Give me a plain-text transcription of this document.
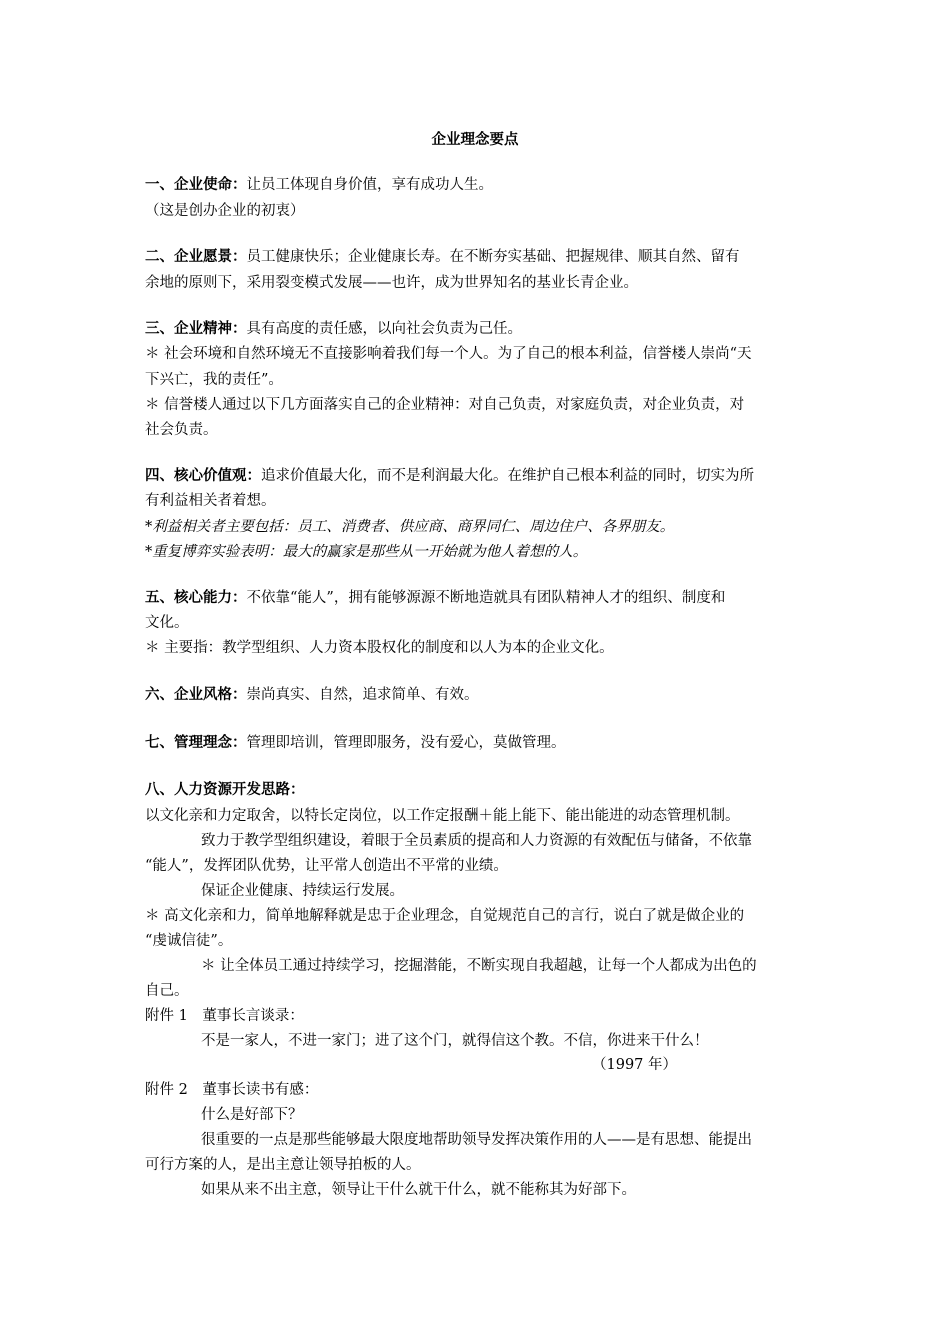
企业理念要点
一、企业使命：让员工体现自身价值，享有成功人生。
（这是创办企业的初衷）
二、企业愿景：员工健康快乐；企业健康长寿。在不断夯实基础、把握规律、顺其自然、留有
余地的原则下，采用裂变模式发展——也许，成为世界知名的基业长青企业。
三、企业精神：具有高度的责任感，以向社会负责为己任。
＊ 社会环境和自然环境无不直接影响着我们每一个人。为了自己的根本利益，信誉楼人崇尚“天
下兴亡，我的责任”。
＊ 信誉楼人通过以下几方面落实自己的企业精神：对自己负责，对家庭负责，对企业负责，对
社会负责。
四、核心价值观：追求价值最大化，而不是利润最大化。在维护自己根本利益的同时，切实为所
有利益相关者着想。
*利益相关者主要包括：员工、消费者、供应商、商界同仁、周边住户、各界朋友。
*重复博弈实验表明：最大的赢家是那些从一开始就为他人着想的人。
五、核心能力：不依靠“能人”，拥有能够源源不断地造就具有团队精神人才的组织、制度和
文化。
＊ 主要指：教学型组织、人力资本股权化的制度和以人为本的企业文化。
六、企业风格：崇尚真实、自然，追求简单、有效。
七、管理理念：管理即培训，管理即服务，没有爱心，莫做管理。
八、人力资源开发思路：
以文化亲和力定取舍，以特长定岗位，以工作定报酬＋能上能下、能出能进的动态管理机制。
致力于教学型组织建设，着眼于全员素质的提高和人力资源的有效配伍与储备，不依靠
“能人”，发挥团队优势，让平常人创造出不平常的业绩。
保证企业健康、持续运行发展。
＊ 高文化亲和力，简单地解释就是忠于企业理念，自觉规范自己的言行，说白了就是做企业的
“虔诚信徒”。
＊ 让全体员工通过持续学习，挖掘潜能，不断实现自我超越，让每一个人都成为出色的
自己。
附件 1　董事长言谈录：
不是一家人，不进一家门；进了这个门，就得信这个教。不信，你进来干什么！
（1997 年）
附件 2　董事长读书有感：
什么是好部下？
很重要的一点是那些能够最大限度地帮助领导发挥决策作用的人——是有思想、能提出
可行方案的人，是出主意让领导拍板的人。
如果从来不出主意，领导让干什么就干什么，就不能称其为好部下。
